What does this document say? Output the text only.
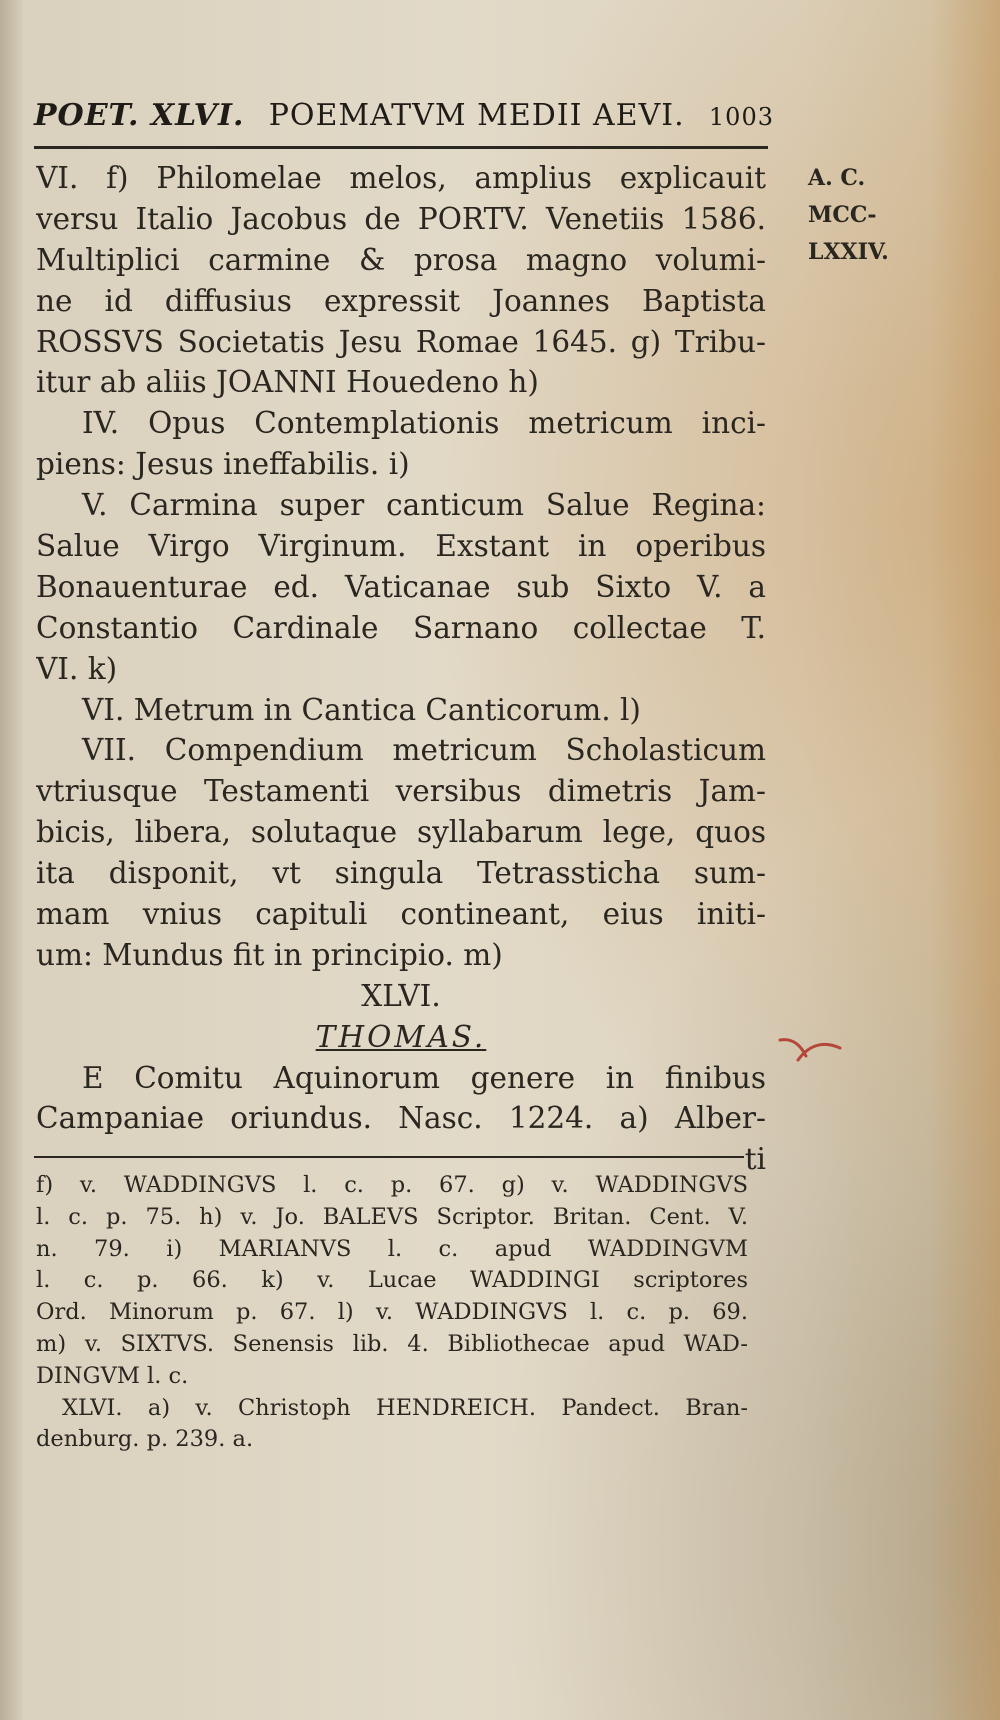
POET. XLVI. POEMATVM MEDII AEVI. 1003
A. C.
MCC-
LXXIV.
VI. f) Philomelae melos, amplius explicauit
versu Italio Jacobus de PORTV. Venetiis 1586.
Multiplici carmine & prosa magno volumi-
ne id diffusius expressit Joannes Baptista
ROSSVS Societatis Jesu Romae 1645. g) Tribu-
itur ab aliis JOANNI Houedeno h)
IV. Opus Contemplationis metricum inci-
piens: Jesus ineffabilis. i)
V. Carmina super canticum Salue Regina:
Salue Virgo Virginum. Exstant in operibus
Bonauenturae ed. Vaticanae sub Sixto V. a
Constantio Cardinale Sarnano collectae T.
VI. k)
VI. Metrum in Cantica Canticorum. l)
VII. Compendium metricum Scholasticum
vtriusque Testamenti versibus dimetris Jam-
bicis, libera, solutaque syllabarum lege, quos
ita disponit, vt singula Tetrassticha sum-
mam vnius capituli contineant, eius initi-
um: Mundus fit in principio. m)
XLVI.
THOMAS.
E Comitu Aquinorum genere in finibus
Campaniae oriundus. Nasc. 1224. a) Alber-
ti
f) v. WADDINGVS l. c. p. 67. g) v. WADDINGVS
l. c. p. 75. h) v. Jo. BALEVS Scriptor. Britan. Cent. V.
n. 79. i) MARIANVS l. c. apud WADDINGVM
l. c. p. 66. k) v. Lucae WADDINGI scriptores
Ord. Minorum p. 67. l) v. WADDINGVS l. c. p. 69.
m) v. SIXTVS. Senensis lib. 4. Bibliothecae apud WAD-
DINGVM l. c.
XLVI. a) v. Christoph HENDREICH. Pandect. Bran-
denburg. p. 239. a.
